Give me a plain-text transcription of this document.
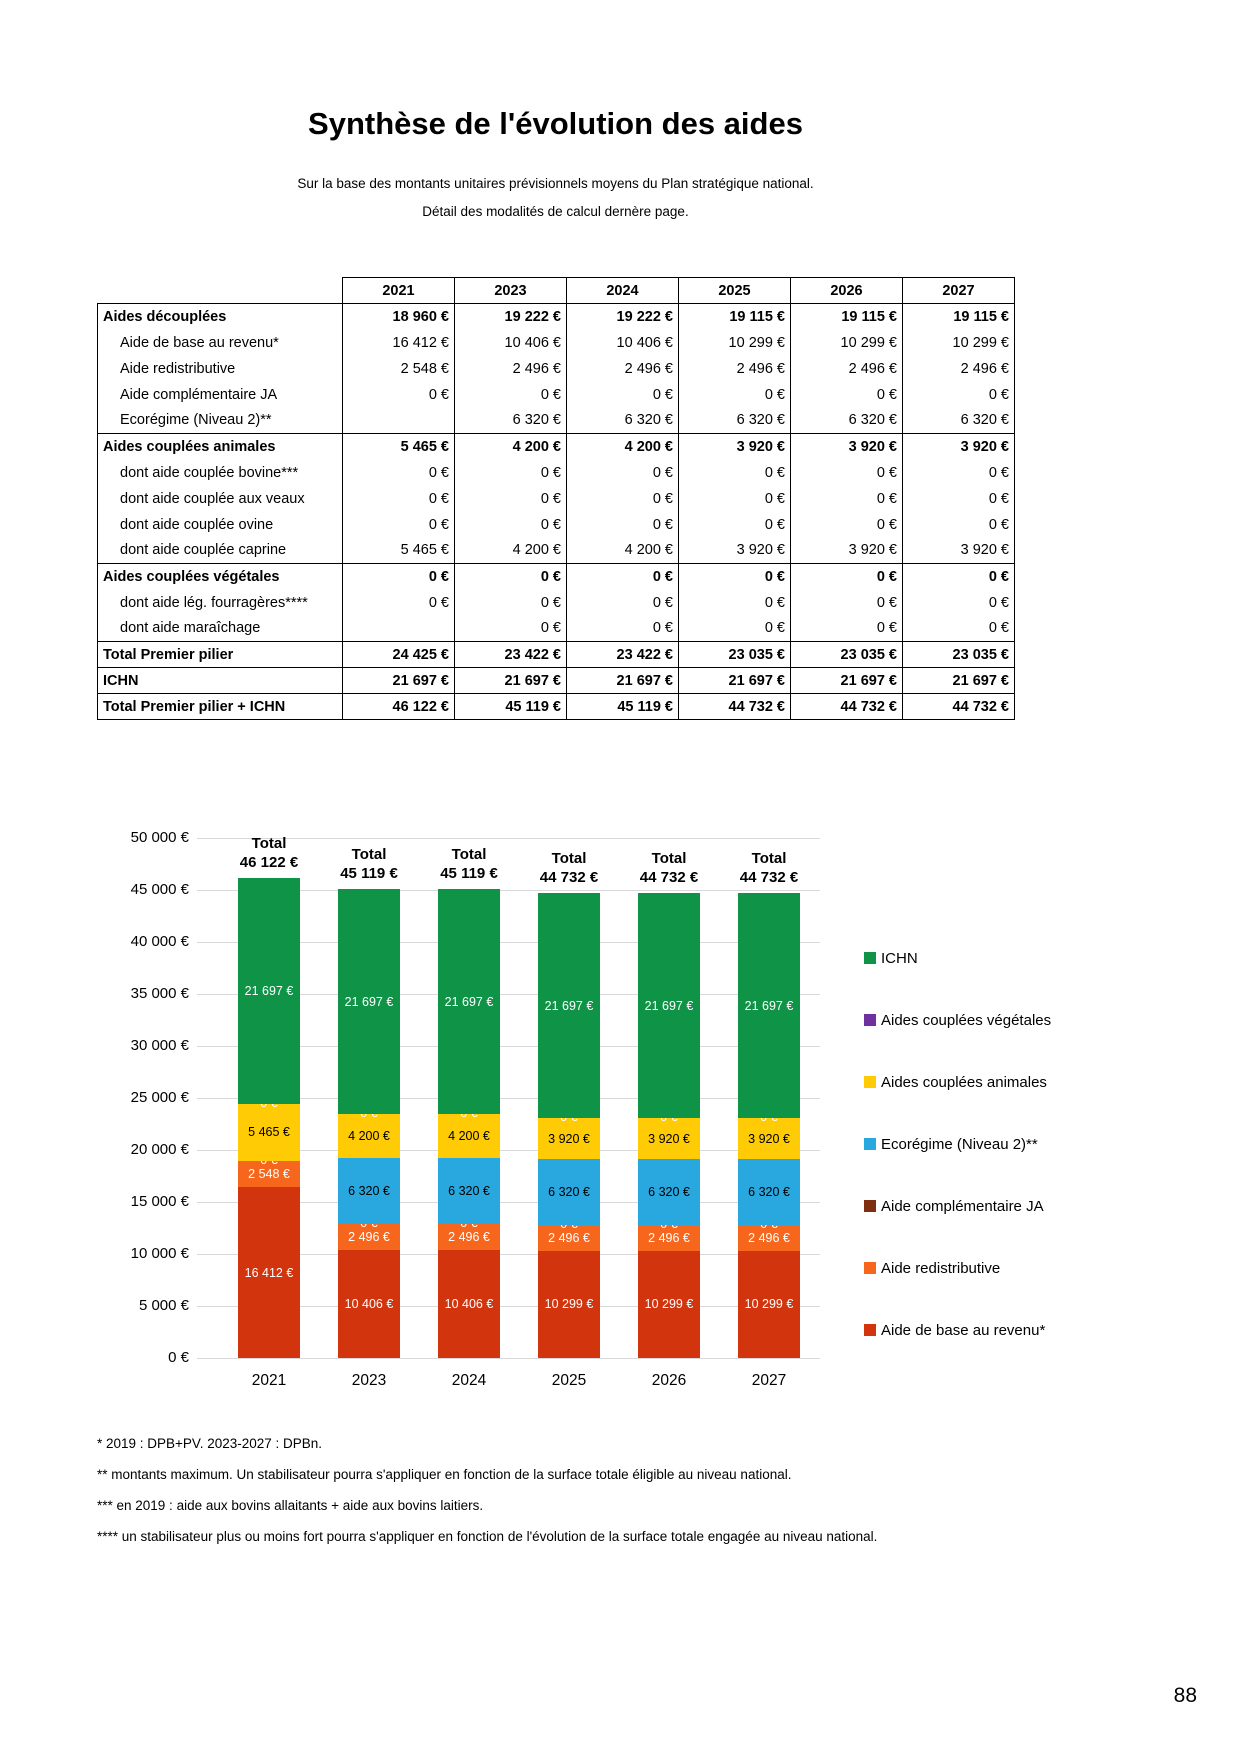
Synthèse de l'évolution des aides
Sur la base des montants unitaires prévisionnels moyens du Plan stratégique national.
Détail des modalités de calcul dernère page.
	2021	2023	2024	2025	2026	2027
Aides découplées	18 960 €	19 222 €	19 222 €	19 115 €	19 115 €	19 115 €
Aide de base au revenu*	16 412 €	10 406 €	10 406 €	10 299 €	10 299 €	10 299 €
Aide redistributive	2 548 €	2 496 €	2 496 €	2 496 €	2 496 €	2 496 €
Aide complémentaire JA	0 €	0 €	0 €	0 €	0 €	0 €
Ecorégime (Niveau 2)**		6 320 €	6 320 €	6 320 €	6 320 €	6 320 €
Aides couplées animales	5 465 €	4 200 €	4 200 €	3 920 €	3 920 €	3 920 €
dont aide couplée bovine***	0 €	0 €	0 €	0 €	0 €	0 €
dont aide couplée aux veaux	0 €	0 €	0 €	0 €	0 €	0 €
dont aide couplée ovine	0 €	0 €	0 €	0 €	0 €	0 €
dont aide couplée caprine	5 465 €	4 200 €	4 200 €	3 920 €	3 920 €	3 920 €
Aides couplées végétales	0 €	0 €	0 €	0 €	0 €	0 €
dont aide lég. fourragères****	0 €	0 €	0 €	0 €	0 €	0 €
dont aide maraîchage		0 €	0 €	0 €	0 €	0 €
Total Premier pilier	24 425 €	23 422 €	23 422 €	23 035 €	23 035 €	23 035 €
ICHN	21 697 €	21 697 €	21 697 €	21 697 €	21 697 €	21 697 €
Total Premier pilier + ICHN	46 122 €	45 119 €	45 119 €	44 732 €	44 732 €	44 732 €
0 €
5 000 €
10 000 €
15 000 €
20 000 €
25 000 €
30 000 €
35 000 €
40 000 €
45 000 €
50 000 €
16 412 €
2 548 €
5 465 €
21 697 €
Total
46 122 €
2021
10 406 €
2 496 €
6 320 €
4 200 €
21 697 €
Total
45 119 €
2023
10 406 €
2 496 €
6 320 €
4 200 €
21 697 €
Total
45 119 €
2024
10 299 €
2 496 €
6 320 €
3 920 €
21 697 €
Total
44 732 €
2025
10 299 €
2 496 €
6 320 €
3 920 €
21 697 €
Total
44 732 €
2026
10 299 €
2 496 €
6 320 €
3 920 €
21 697 €
Total
44 732 €
2027
ICHN
Aides couplées végétales
Aides couplées animales
Ecorégime (Niveau 2)**
Aide complémentaire JA
Aide redistributive
Aide de base au revenu*
* 2019 : DPB+PV. 2023-2027 : DPBn.
** montants maximum. Un stabilisateur pourra s'appliquer en fonction de la surface totale éligible au niveau national.
*** en 2019 : aide aux bovins allaitants + aide aux bovins laitiers.
**** un stabilisateur plus ou moins fort pourra s'appliquer en fonction de l'évolution de la surface totale engagée au niveau national.
88
